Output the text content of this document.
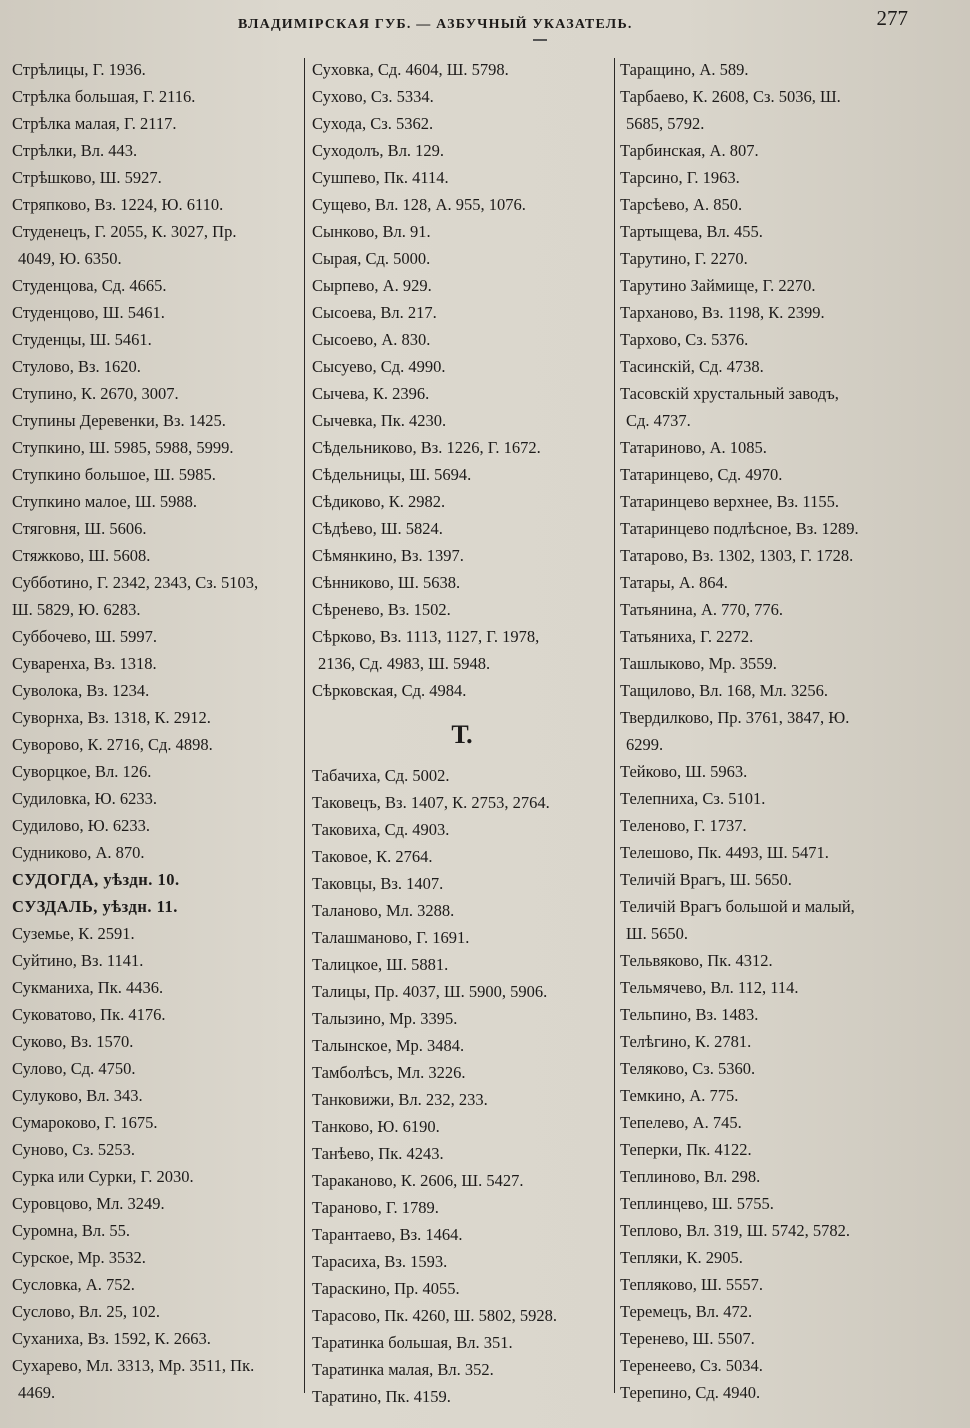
ВЛАДИМІРСКАЯ ГУБ. — АЗБУЧНЫЙ УКАЗАТЕЛЬ.	277
Стрѣлицы, Г. 1936.
Стрѣлка большая, Г. 2116.
Стрѣлка малая, Г. 2117.
Стрѣлки, Вл. 443.
Стрѣшково, Ш. 5927.
Стряпково, Вз. 1224, Ю. 6110.
Студенецъ, Г. 2055, К. 3027, Пр.
4049, Ю. 6350.
Студенцова, Сд. 4665.
Студенцово, Ш. 5461.
Студенцы, Ш. 5461.
Стулово, Вз. 1620.
Ступино, К. 2670, 3007.
Ступины Деревенки, Вз. 1425.
Ступкино, Ш. 5985, 5988, 5999.
Ступкино большое, Ш. 5985.
Ступкино малое, Ш. 5988.
Стяговня, Ш. 5606.
Стяжково, Ш. 5608.
Субботино, Г. 2342, 2343, Сз. 5103,
Ш. 5829, Ю. 6283.
Суббочево, Ш. 5997.
Суваренха, Вз. 1318.
Суволока, Вз. 1234.
Суворнха, Вз. 1318, К. 2912.
Суворово, К. 2716, Сд. 4898.
Суворцкое, Вл. 126.
Судиловка, Ю. 6233.
Судилово, Ю. 6233.
Судниково, А. 870.
СУДОГДА, уѣздн. 10.
СУЗДАЛЬ, уѣздн. 11.
Суземье, К. 2591.
Суйтино, Вз. 1141.
Сукманиха, Пк. 4436.
Суковатово, Пк. 4176.
Суково, Вз. 1570.
Сулово, Сд. 4750.
Сулуково, Вл. 343.
Сумароково, Г. 1675.
Суново, Сз. 5253.
Сурка или Сурки, Г. 2030.
Суровцово, Мл. 3249.
Суромна, Вл. 55.
Сурское, Мр. 3532.
Сусловка, А. 752.
Суслово, Вл. 25, 102.
Суханиха, Вз. 1592, К. 2663.
Сухарево, Мл. 3313, Мр. 3511, Пк.
4469.
Суховка, Сд. 4604, Ш. 5798.
Сухово, Сз. 5334.
Сухода, Сз. 5362.
Суходолъ, Вл. 129.
Сушпево, Пк. 4114.
Сущево, Вл. 128, А. 955, 1076.
Сынково, Вл. 91.
Сырая, Сд. 5000.
Сырпево, А. 929.
Сысоева, Вл. 217.
Сысоево, А. 830.
Сысуево, Сд. 4990.
Сычева, К. 2396.
Сычевка, Пк. 4230.
Сѣдельниково, Вз. 1226, Г. 1672.
Сѣдельницы, Ш. 5694.
Сѣдиково, К. 2982.
Сѣдѣево, Ш. 5824.
Сѣмянкино, Вз. 1397.
Сѣнниково, Ш. 5638.
Сѣренево, Вз. 1502.
Сѣрково, Вз. 1113, 1127, Г. 1978,
2136, Сд. 4983, Ш. 5948.
Сѣрковская, Сд. 4984.
Т.
Табачиха, Сд. 5002.
Таковецъ, Вз. 1407, К. 2753, 2764.
Таковиха, Сд. 4903.
Таковое, К. 2764.
Таковцы, Вз. 1407.
Таланово, Мл. 3288.
Талашманово, Г. 1691.
Талицкое, Ш. 5881.
Талицы, Пр. 4037, Ш. 5900, 5906.
Талызино, Мр. 3395.
Талынское, Мр. 3484.
Тамболѣсъ, Мл. 3226.
Танковижи, Вл. 232, 233.
Танково, Ю. 6190.
Танѣево, Пк. 4243.
Тараканово, К. 2606, Ш. 5427.
Тараново, Г. 1789.
Тарантаево, Вз. 1464.
Тарасиха, Вз. 1593.
Тараскино, Пр. 4055.
Тарасово, Пк. 4260, Ш. 5802, 5928.
Таратинка большая, Вл. 351.
Таратинка малая, Вл. 352.
Таратино, Пк. 4159.
Таращино, А. 589.
Тарбаево, К. 2608, Сз. 5036, Ш.
5685, 5792.
Тарбинская, А. 807.
Тарсино, Г. 1963.
Тарсѣево, А. 850.
Тартыщева, Вл. 455.
Тарутино, Г. 2270.
Тарутино Займище, Г. 2270.
Тарханово, Вз. 1198, К. 2399.
Тархово, Сз. 5376.
Тасинскій, Сд. 4738.
Тасовскій хрустальный заводъ,
Сд. 4737.
Татариново, А. 1085.
Татаринцево, Сд. 4970.
Татаринцево верхнее, Вз. 1155.
Татаринцево подлѣсное, Вз. 1289.
Татарово, Вз. 1302, 1303, Г. 1728.
Татары, А. 864.
Татьянина, А. 770, 776.
Татьяниха, Г. 2272.
Ташлыково, Мр. 3559.
Тащилово, Вл. 168, Мл. 3256.
Твердилково, Пр. 3761, 3847, Ю.
6299.
Тейково, Ш. 5963.
Телепниха, Сз. 5101.
Теленово, Г. 1737.
Телешово, Пк. 4493, Ш. 5471.
Теличій Врагъ, Ш. 5650.
Теличій Врагъ большой и малый,
Ш. 5650.
Тельвяково, Пк. 4312.
Тельмячево, Вл. 112, 114.
Тельпино, Вз. 1483.
Телѣгино, К. 2781.
Теляково, Сз. 5360.
Темкино, А. 775.
Тепелево, А. 745.
Теперки, Пк. 4122.
Теплиново, Вл. 298.
Теплинцево, Ш. 5755.
Теплово, Вл. 319, Ш. 5742, 5782.
Тепляки, К. 2905.
Тепляково, Ш. 5557.
Теремецъ, Вл. 472.
Теренево, Ш. 5507.
Теренеево, Сз. 5034.
Терепино, Сд. 4940.
